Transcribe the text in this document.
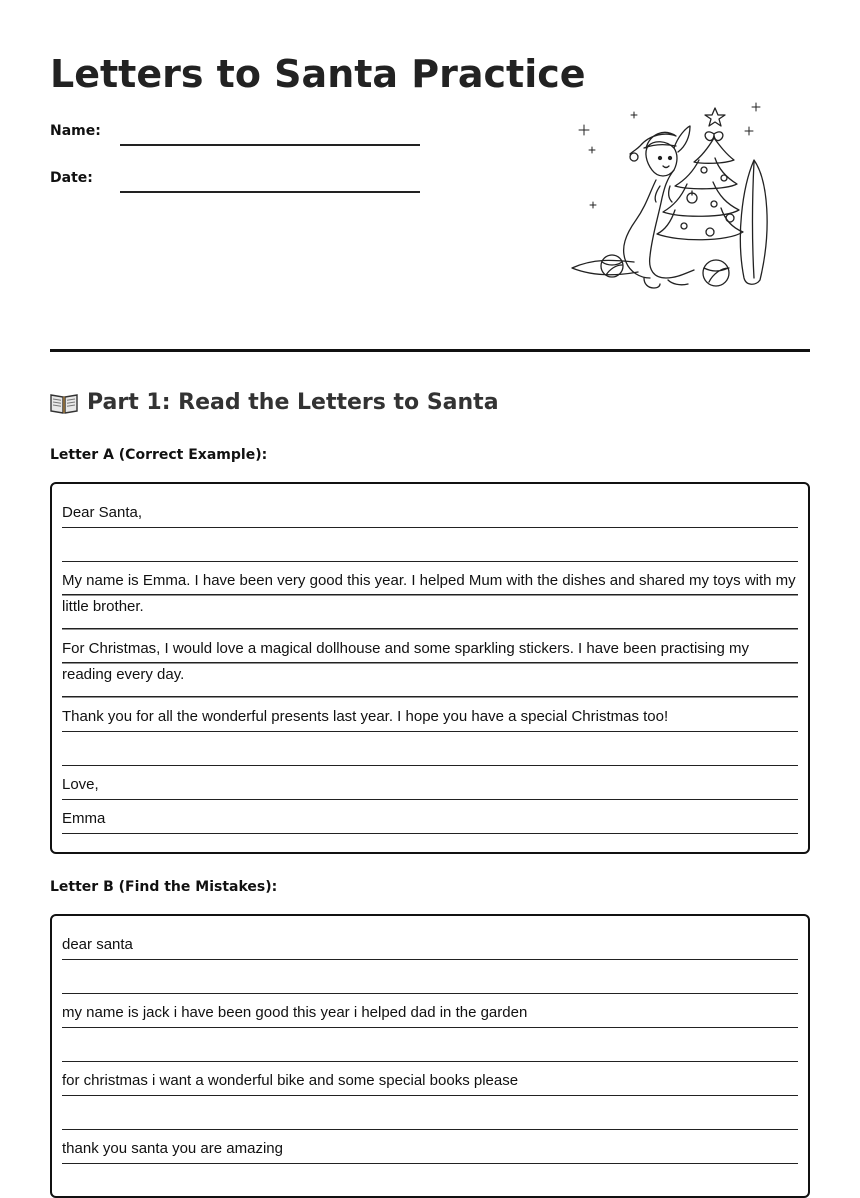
Letters to Santa Practice
Name:
Date:
Part 1: Read the Letters to Santa
Letter A (Correct Example):
Dear Santa,
My name is Emma. I have been very good this year. I helped Mum with the dishes and shared my toys with my little brother.
For Christmas, I would love a magical dollhouse and some sparkling stickers. I have been practising my reading every day.
Thank you for all the wonderful presents last year. I hope you have a special Christmas too!
Love,
Emma
Letter B (Find the Mistakes):
dear santa
my name is jack i have been good this year i helped dad in the garden
for christmas i want a wonderful bike and some special books please
thank you santa you are amazing
